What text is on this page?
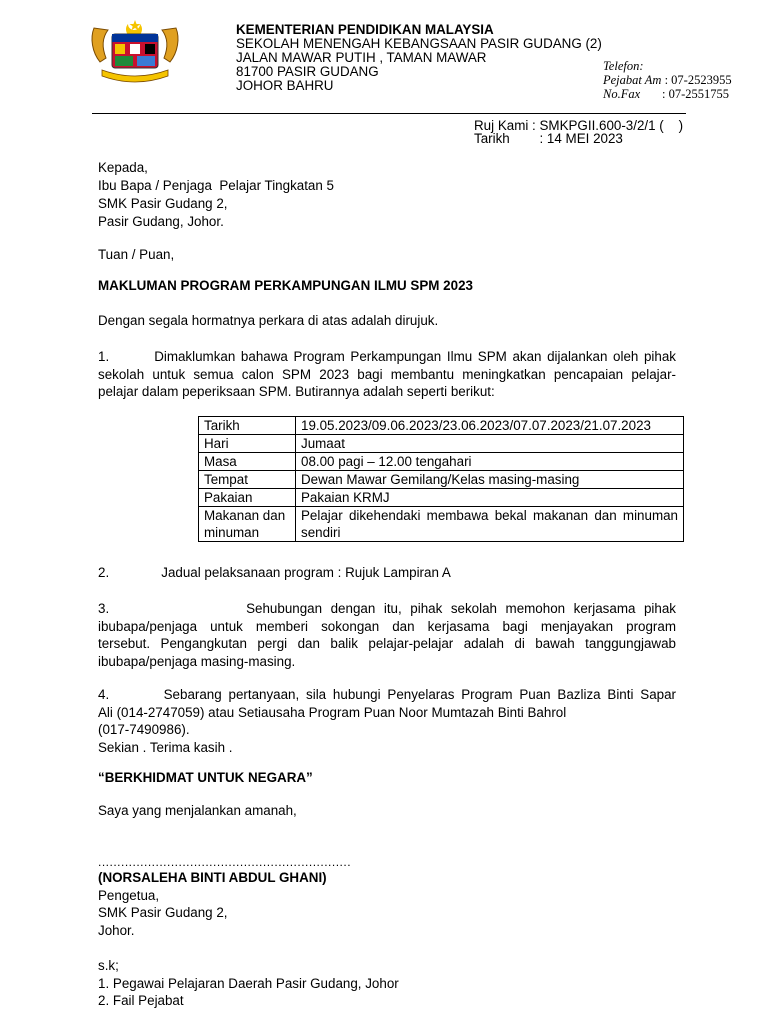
KEMENTERIAN PENDIDIKAN MALAYSIA
SEKOLAH MENENGAH KEBANGSAAN PASIR GUDANG (2)
JALAN MAWAR PUTIH , TAMAN MAWAR
81700 PASIR GUDANG
JOHOR BAHRU
Telefon:
Pejabat Am : 07-2523955
No.Fax       : 07-2551755
Ruj Kami : SMKPGII.600-3/2/1 (    )
Tarikh        : 14 MEI 2023
Kepada,
Ibu Bapa / Penjaga  Pelajar Tingkatan 5
SMK Pasir Gudang 2,
Pasir Gudang, Johor.
Tuan / Puan,
MAKLUMAN PROGRAM PERKAMPUNGAN ILMU SPM 2023
Dengan segala hormatnya perkara di atas adalah dirujuk.
1.        Dimaklumkan bahawa Program Perkampungan Ilmu SPM akan dijalankan oleh pihak
sekolah untuk semua calon SPM 2023 bagi membantu meningkatkan pencapaian pelajar-
pelajar dalam peperiksaan SPM. Butirannya adalah seperti berikut:
Tarikh	19.05.2023/09.06.2023/23.06.2023/07.07.2023/21.07.2023
Hari	Jumaat
Masa	08.00 pagi – 12.00 tengahari
Tempat	Dewan Mawar Gemilang/Kelas masing-masing
Pakaian	Pakaian KRMJ
Makanan dan minuman	Pelajar dikehendaki membawa bekal makanan dan minuman sendiri
2.              Jadual pelaksanaan program : Rujuk Lampiran A
3.                Sehubungan dengan itu, pihak sekolah memohon kerjasama pihak
ibubapa/penjaga untuk memberi sokongan dan kerjasama bagi menjayakan program
tersebut. Pengangkutan pergi dan balik pelajar-pelajar adalah di bawah tanggungjawab
ibubapa/penjaga masing-masing.
4.        Sebarang pertanyaan, sila hubungi Penyelaras Program Puan Bazliza Binti Sapar
Ali (014-2747059) atau Setiausaha Program Puan Noor Mumtazah Binti Bahrol
(017-7490986).
Sekian . Terima kasih .
“BERKHIDMAT UNTUK NEGARA”
Saya yang menjalankan amanah,
..................................................................
(NORSALEHA BINTI ABDUL GHANI)
Pengetua,
SMK Pasir Gudang 2,
Johor.
s.k;
1. Pegawai Pelajaran Daerah Pasir Gudang, Johor
2. Fail Pejabat
